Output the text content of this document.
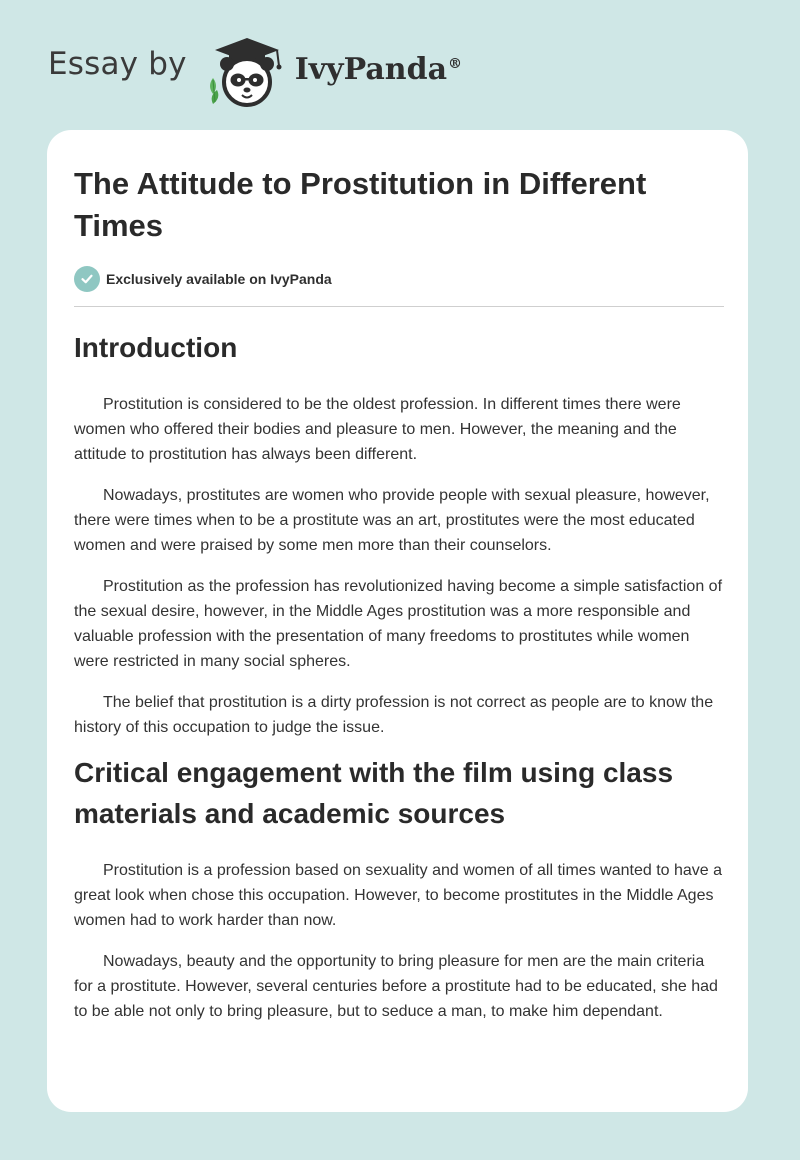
Essay by	IvyPanda®
The Attitude to Prostitution in Different Times
Exclusively available on IvyPanda
Introduction

Prostitution is considered to be the oldest profession. In different times there were women who offered their bodies and pleasure to men. However, the meaning and the attitude to prostitution has always been different.

Nowadays, prostitutes are women who provide people with sexual pleasure, however, there were times when to be a prostitute was an art, prostitutes were the most educated women and were praised by some men more than their counselors.

Prostitution as the profession has revolutionized having become a simple satisfaction of the sexual desire, however, in the Middle Ages prostitution was a more responsible and valuable profession with the presentation of many freedoms to prostitutes while women were restricted in many social spheres.

The belief that prostitution is a dirty profession is not correct as people are to know the history of this occupation to judge the issue.

Critical engagement with the film using class materials and academic sources

Prostitution is a profession based on sexuality and women of all times wanted to have a great look when chose this occupation. However, to become prostitutes in the Middle Ages women had to work harder than now.

Nowadays, beauty and the opportunity to bring pleasure for men are the main criteria for a prostitute. However, several centuries before a prostitute had to be educated, she had to be able not only to bring pleasure, but to seduce a man, to make him dependant.
